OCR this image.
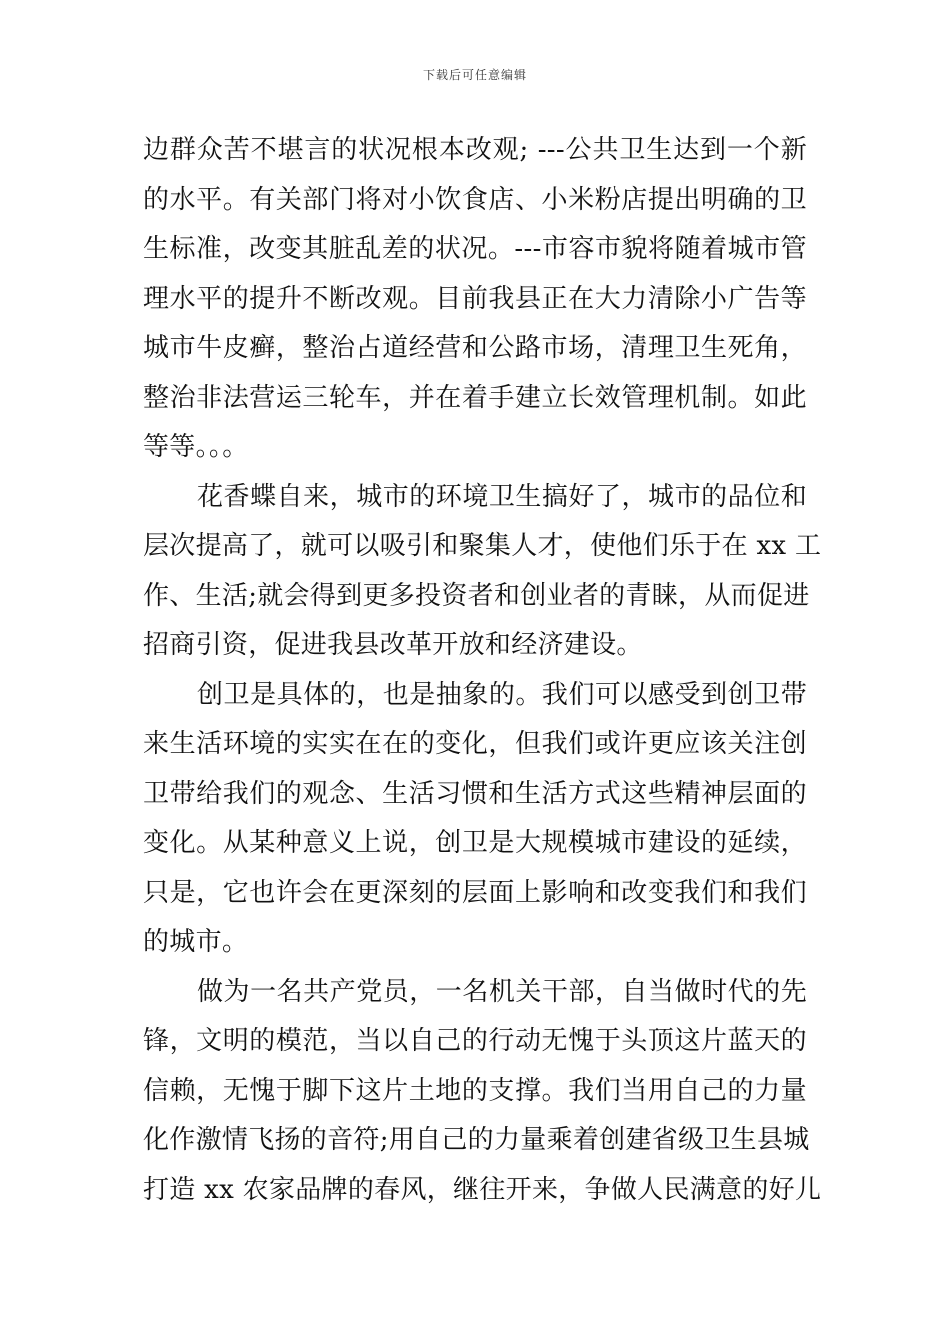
下载后可任意编辑
边群众苦不堪言的状况根本改观; ---公共卫生达到一个新
的水平。有关部门将对小饮食店、小米粉店提出明确的卫
生标准，改变其脏乱差的状况。---市容市貌将随着城市管
理水平的提升不断改观。目前我县正在大力清除小广告等
城市牛皮癣，整治占道经营和公路市场，清理卫生死角，
整治非法营运三轮车，并在着手建立长效管理机制。如此
等等。。。
花香蝶自来，城市的环境卫生搞好了，城市的品位和
层次提高了，就可以吸引和聚集人才，使他们乐于在 xx 工
作、生活;就会得到更多投资者和创业者的青睐，从而促进
招商引资，促进我县改革开放和经济建设。
创卫是具体的，也是抽象的。我们可以感受到创卫带
来生活环境的实实在在的变化，但我们或许更应该关注创
卫带给我们的观念、生活习惯和生活方式这些精神层面的
变化。从某种意义上说，创卫是大规模城市建设的延续，
只是，它也许会在更深刻的层面上影响和改变我们和我们
的城市。
做为一名共产党员，一名机关干部，自当做时代的先
锋，文明的模范，当以自己的行动无愧于头顶这片蓝天的
信赖，无愧于脚下这片土地的支撑。我们当用自己的力量
化作激情飞扬的音符;用自己的力量乘着创建省级卫生县城
打造 xx 农家品牌的春风，继往开来，争做人民满意的好儿
